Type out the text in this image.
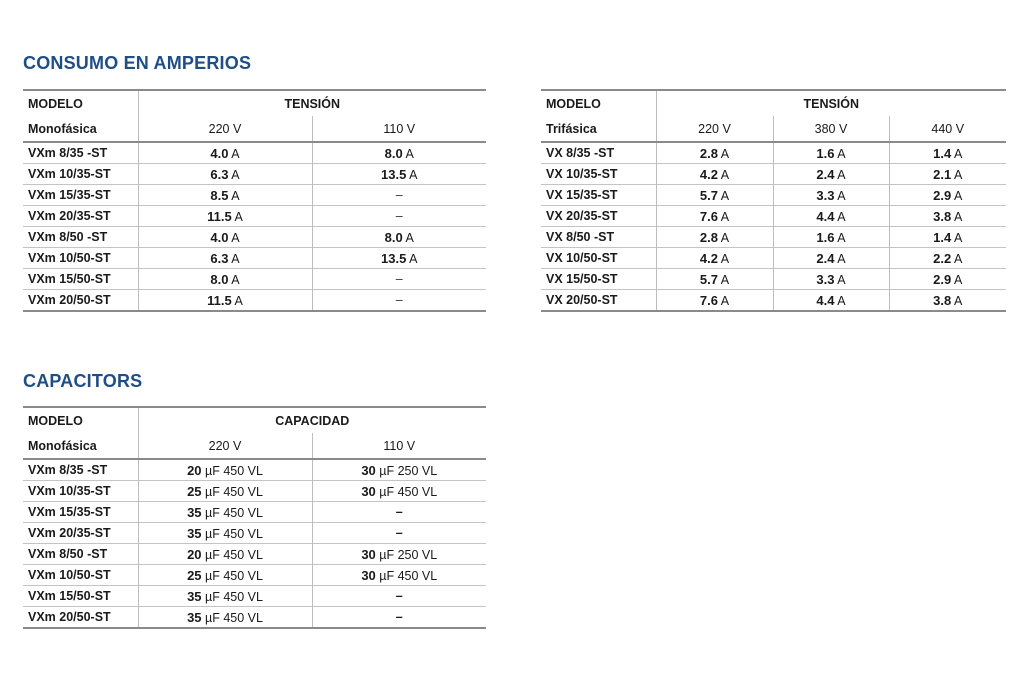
CONSUMO EN AMPERIOS
MODELO	TENSIÓN	
Monofásica	220 V	110 V
VXm 8/35 -ST	4.0 A	8.0 A
VXm 10/35-ST	6.3 A	13.5 A
VXm 15/35-ST	8.5 A	–
VXm 20/35-ST	11.5 A	–
VXm 8/50 -ST	4.0 A	8.0 A
VXm 10/50-ST	6.3 A	13.5 A
VXm 15/50-ST	8.0 A	–
VXm 20/50-ST	11.5 A	–
MODELO	TENSIÓN		
Trifásica	220 V	380 V	440 V
VX 8/35 -ST	2.8 A	1.6 A	1.4 A
VX 10/35-ST	4.2 A	2.4 A	2.1 A
VX 15/35-ST	5.7 A	3.3 A	2.9 A
VX 20/35-ST	7.6 A	4.4 A	3.8 A
VX 8/50 -ST	2.8 A	1.6 A	1.4 A
VX 10/50-ST	4.2 A	2.4 A	2.2 A
VX 15/50-ST	5.7 A	3.3 A	2.9 A
VX 20/50-ST	7.6 A	4.4 A	3.8 A
CAPACITORS
MODELO	CAPACIDAD	
Monofásica	220 V	110 V
VXm 8/35 -ST	20 µF 450 VL	30 µF 250 VL
VXm 10/35-ST	25 µF 450 VL	30 µF 450 VL
VXm 15/35-ST	35 µF 450 VL	–
VXm 20/35-ST	35 µF 450 VL	–
VXm 8/50 -ST	20 µF 450 VL	30 µF 250 VL
VXm 10/50-ST	25 µF 450 VL	30 µF 450 VL
VXm 15/50-ST	35 µF 450 VL	–
VXm 20/50-ST	35 µF 450 VL	–
